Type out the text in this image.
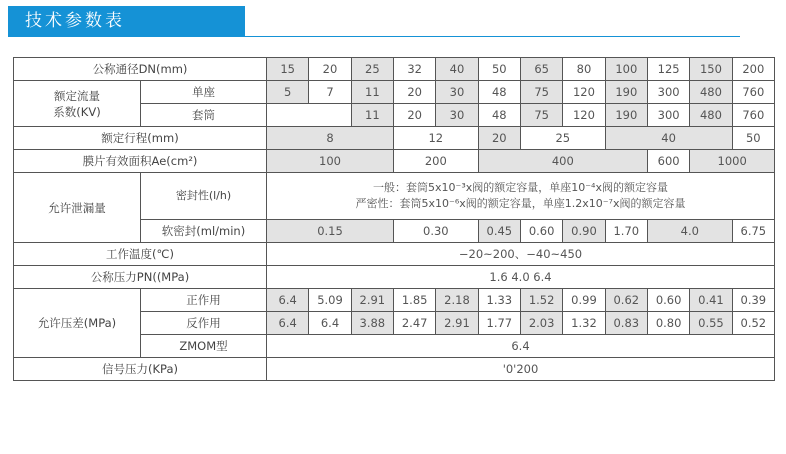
技术参数表
公称通径DN(mm)		15	20	25	32	40	50	65	80	100	125	150	200
额定流量
系数(KV)	单座	5	7	11	20	30	48	75	120	190	300	480	760
	套筒			11	20	30	48	75	120	190	300	480	760
额定行程(mm)		8			12		20	25		40			50
膜片有效面积Ae(cm²)		100			200		400				600	1000	
允许泄漏量	密封性(l/h)	一般：套筒5x10⁻³x阀的额定容量，单座10⁻⁴x阀的额定容量
严密性：套筒5x10⁻⁶x阀的额定容量，单座1.2x10⁻⁷x阀的额定容量											
	软密封(ml/min)	0.15			0.30		0.45	0.60	0.90	1.70	4.0		6.75
工作温度(℃)		−20~200、−40~450											
公称压力PN((MPa)		1.6 4.0 6.4											
允许压差(MPa)	正作用	6.4	5.09	2.91	1.85	2.18	1.33	1.52	0.99	0.62	0.60	0.41	0.39
	反作用	6.4	6.4	3.88	2.47	2.91	1.77	2.03	1.32	0.83	0.80	0.55	0.52
	ZMOM型	6.4											
信号压力(KPa)		'0'200											
